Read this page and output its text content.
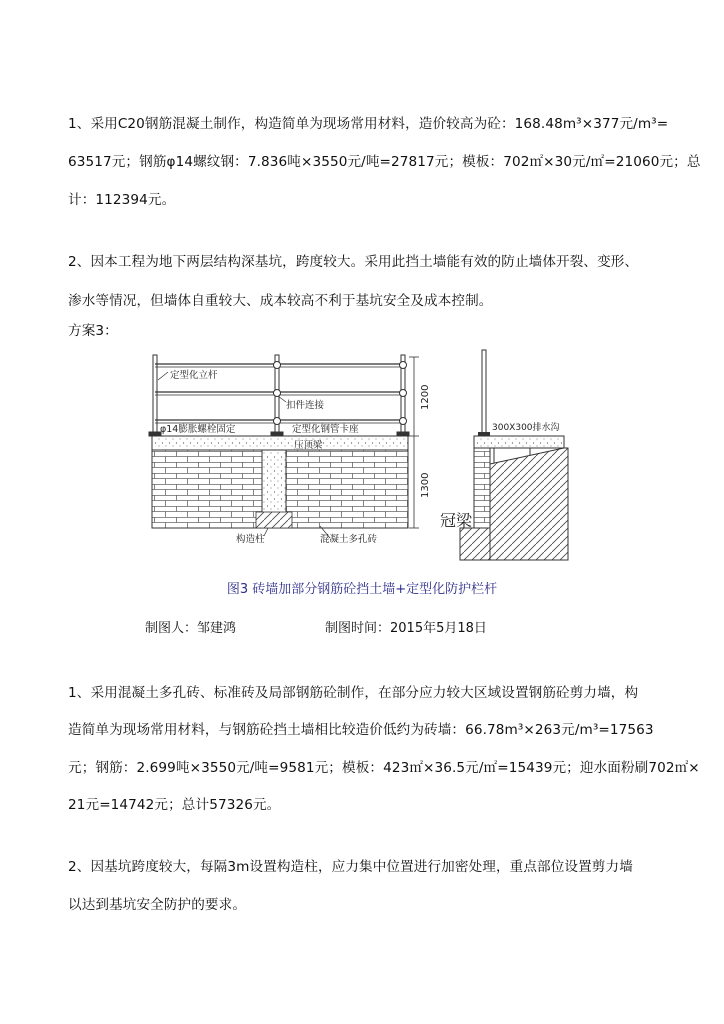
1、采用C20钢筋混凝土制作，构造简单为现场常用材料，造价较高为砼：168.48m³×377元/m³=
63517元；钢筋φ14螺纹钢：7.836吨×3550元/吨=27817元；模板：702㎡×30元/㎡=21060元；总
计：112394元。
2、因本工程为地下两层结构深基坑，跨度较大。采用此挡土墙能有效的防止墙体开裂、变形、
渗水等情况，但墙体自重较大、成本较高不利于基坑安全及成本控制。
方案3：
定型化立杆
扣件连接
φ14膨胀螺栓固定	定型化钢管卡座
压顶梁
1200
1300
300X300排水沟
冠梁
构造柱	混凝土多孔砖
图3 砖墙加部分钢筋砼挡土墙+定型化防护栏杆
制图人：邹建鸿	制图时间：2015年5月18日
1、采用混凝土多孔砖、标准砖及局部钢筋砼制作，在部分应力较大区域设置钢筋砼剪力墙，构
造简单为现场常用材料，与钢筋砼挡土墙相比较造价低约为砖墙：66.78m³×263元/m³=17563
元；钢筋：2.699吨×3550元/吨=9581元；模板：423㎡×36.5元/㎡=15439元；迎水面粉刷702㎡×
21元=14742元；总计57326元。
2、因基坑跨度较大，每隔3m设置构造柱，应力集中位置进行加密处理，重点部位设置剪力墙
以达到基坑安全防护的要求。
